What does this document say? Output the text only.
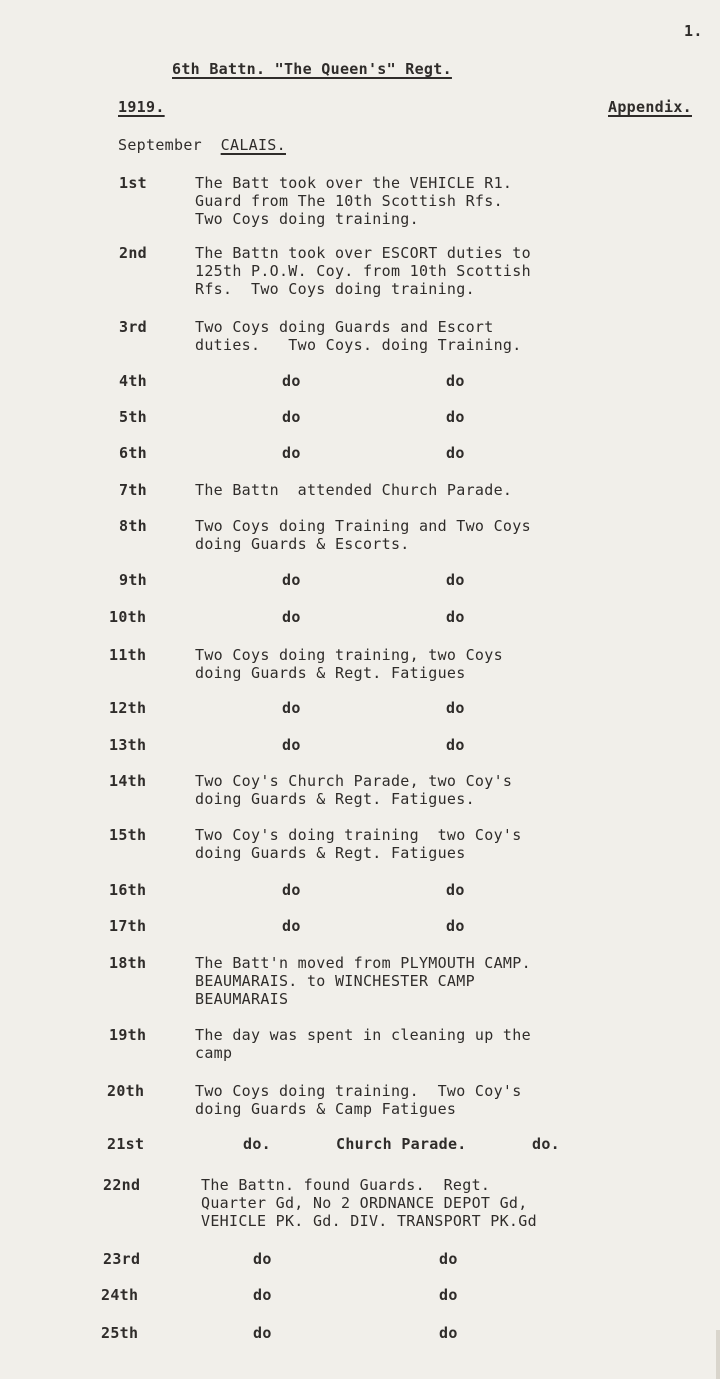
1.
6th Battn. "The Queen's" Regt.
1919.	Appendix.
September CALAIS.
1st	The Batt took over the VEHICLE R1.
Guard from The 10th Scottish Rfs.
Two Coys doing training.
2nd	The Battn took over ESCORT duties to
125th P.O.W. Coy. from 10th Scottish
Rfs.  Two Coys doing training.
3rd	Two Coys doing Guards and Escort
duties.   Two Coys. doing Training.
4th	do	do
5th	do	do
6th	do	do
7th	The Battn  attended Church Parade.
8th	Two Coys doing Training and Two Coys
doing Guards & Escorts.
9th	do	do
10th	do	do
11th	Two Coys doing training, two Coys
doing Guards & Regt. Fatigues
12th	do	do
13th	do	do
14th	Two Coy's Church Parade, two Coy's
doing Guards & Regt. Fatigues.
15th	Two Coy's doing training  two Coy's
doing Guards & Regt. Fatigues
16th	do	do
17th	do	do
18th	The Batt'n moved from PLYMOUTH CAMP.
BEAUMARAIS. to WINCHESTER CAMP
BEAUMARAIS
19th	The day was spent in cleaning up the
camp
20th	Two Coys doing training.  Two Coy's
doing Guards & Camp Fatigues
21st	do.	Church Parade.	do.
22nd	The Battn. found Guards.  Regt.
Quarter Gd, No 2 ORDNANCE DEPOT Gd,
VEHICLE PK. Gd. DIV. TRANSPORT PK.Gd
23rd	do	do
24th	do	do
25th	do	do
